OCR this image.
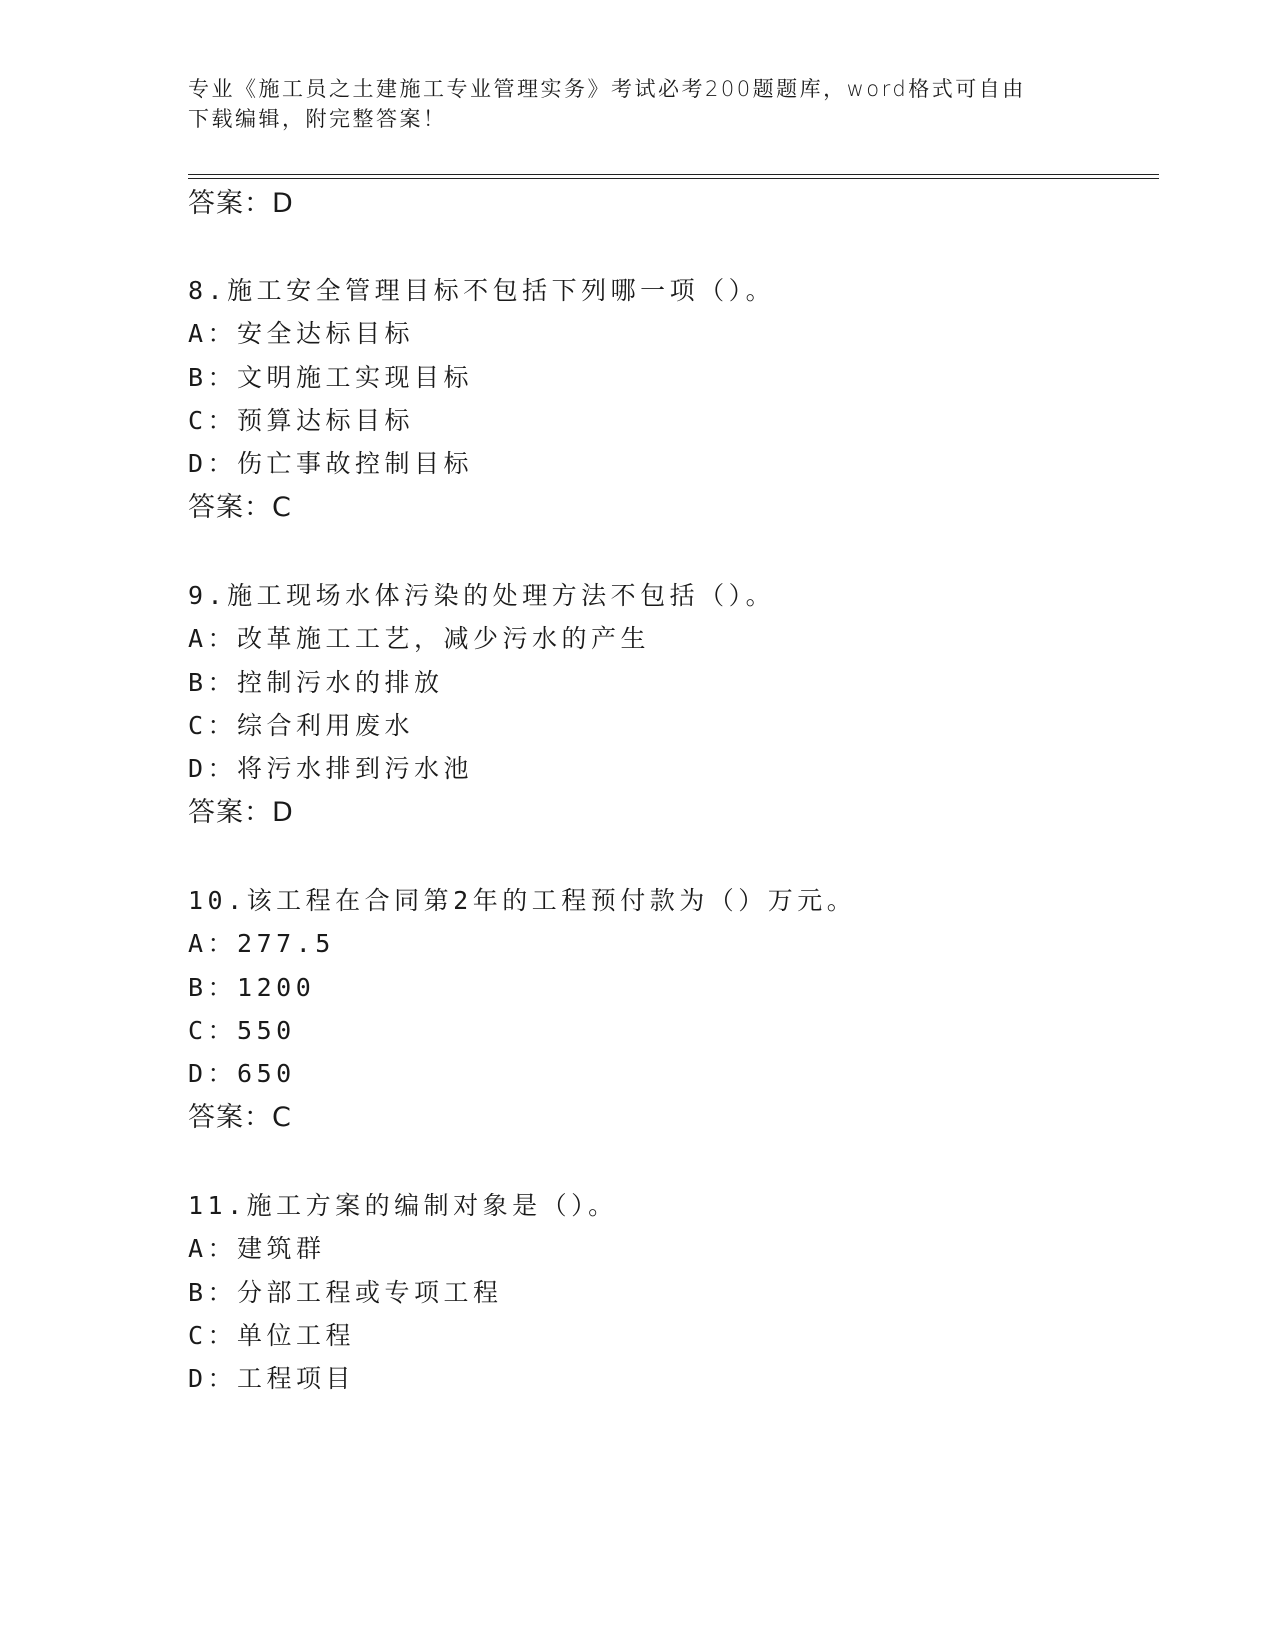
专业《施工员之土建施工专业管理实务》考试必考200题题库，word格式可自由
下载编辑，附完整答案！
答案：D
8.施工安全管理目标不包括下列哪一项（）。
A：安全达标目标
B：文明施工实现目标
C：预算达标目标
D：伤亡事故控制目标
答案：C
9.施工现场水体污染的处理方法不包括（）。
A：改革施工工艺，减少污水的产生
B：控制污水的排放
C：综合利用废水
D：将污水排到污水池
答案：D
10.该工程在合同第2年的工程预付款为（）万元。
A：277.5
B：1200
C：550
D：650
答案：C
11.施工方案的编制对象是（）。
A：建筑群
B：分部工程或专项工程
C：单位工程
D：工程项目
